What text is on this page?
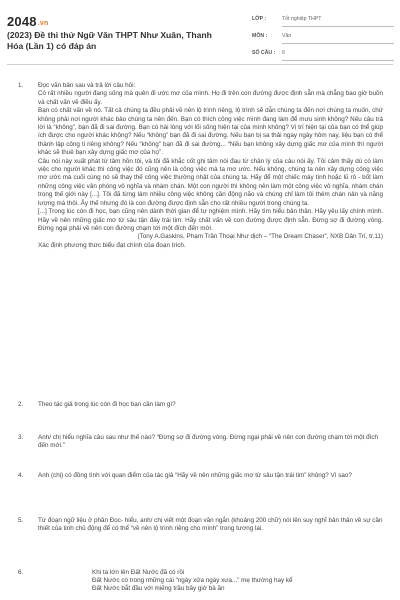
2048.vn
(2023) Đề thi thử Ngữ Văn THPT Như Xuân, Thanh Hóa (Lần 1) có đáp án
LỚP :	Tốt nghiệp THPT
MÔN :	Văn
SỐ CÂU : 6
1. Đọc văn bản sau và trả lời câu hỏi:

Có rất nhiều người đang sống mà quên đi ước mơ của mình. Họ đi trên con đường được định sẵn mà chẳng bao giờ buồn và chất vấn về điều ấy.

Bạn có chất vấn về nó. Tất cả chúng ta đều phải về nên lộ trình riêng, lộ trình sẽ dẫn chúng ta đến nơi chúng ta muốn, chứ không phải nơi người khác bảo chúng ta nên đến. Bạn có thích công việc mình đang làm để mưu sinh không? Nếu câu trả lời là “không”, bạn đã đi sai đường. Bạn có hài lòng với lối sống hiện tại của mình không? Vị trí hiện tại của bạn có thể giúp ích được cho người khác không? Nếu “không” bạn đã đi sai đường. Nếu bạn bị sa thải ngay ngày hôm nay, liệu bạn có thể thành lập công ti riêng không? Nếu “không” bạn đã đi sai đường... “Nếu bạn không xây dựng giấc mơ của mình thì người khác sẽ thuê bạn xây dựng giấc mơ của họ”.

Câu nói này xuất phát từ tâm hồn tôi, và tôi đã khắc cốt ghi tâm nói đau từ chân lý của câu nói ấy. Tôi cảm thấy dù có làm việc cho người khác thì công việc đó cũng nên là công việc mà ta mơ ước. Nếu không, chúng ta nên xây dựng công việc mơ ước mà cuối cùng nó sẽ thay thế công việc thường nhật của chúng ta. Hãy để một chiếc máy tính hoặc lũ rô - bốt làm những công việc vân phòng vô nghĩa và nhàm chán. Một con người thì không nên làm một công việc vô nghĩa, nhàm chán trong thế giới này [...]. Tôi đã từng làm nhiều công việc không cần động não và chúng chỉ làm tôi thêm chán nản và năng lượng mà thôi. Ấy thế nhưng đó là con đường được định sẵn cho rất nhiều người trong chúng ta.

[...] Trong lúc còn đi học, bạn cũng nên dành thời gian để tự nghiệm mình. Hãy tìm hiểu bản thân. Hãy yêu lấy chính mình. Hãy về nên những giấc mơ từ sâu tận đáy trái tim. Hãy chất vấn về con đường được định sẵn. Đừng sợ đi đường vòng. Đừng ngại phải về nên con đường chạm tới một đích đến mới.

(Tony A.Gaskins, Phạm Trần Thoại Như dịch – “The Dream Chaser”, NXB Dân Trí, tr.11)

Xác định phương thức biểu đạt chính của đoạn trích.

2. Theo tác giả trong lúc còn đi học bạn cần làm gì?
3. Anh/ chị hiểu nghĩa câu sau như thế nào? “Đừng sợ đi đường vòng. Đừng ngại phải về nên con đường chạm tới một đích đến mới.”
4. Anh (chị) có đồng tình với quan điểm của tác giả “Hãy về nên những giấc mơ từ sâu tận trái tim” không? Vì sao?
5. Từ đoạn ngữ liệu ở phần Đọc- hiểu, anh/ chị viết một đoạn văn ngắn (khoảng 200 chữ) nói lên suy nghĩ bản thân về sự cần thiết của tinh chủ động để có thể “về nên lộ trình riêng cho mình” trong tương lai.
6.	Khi ta lớn lên Đất Nước đã có rồi

Đất Nước có trong những cái “ngày xửa ngày xưa...” mẹ thường hay kể

Đất Nước bắt đầu với miếng trầu bây giờ bà ăn
